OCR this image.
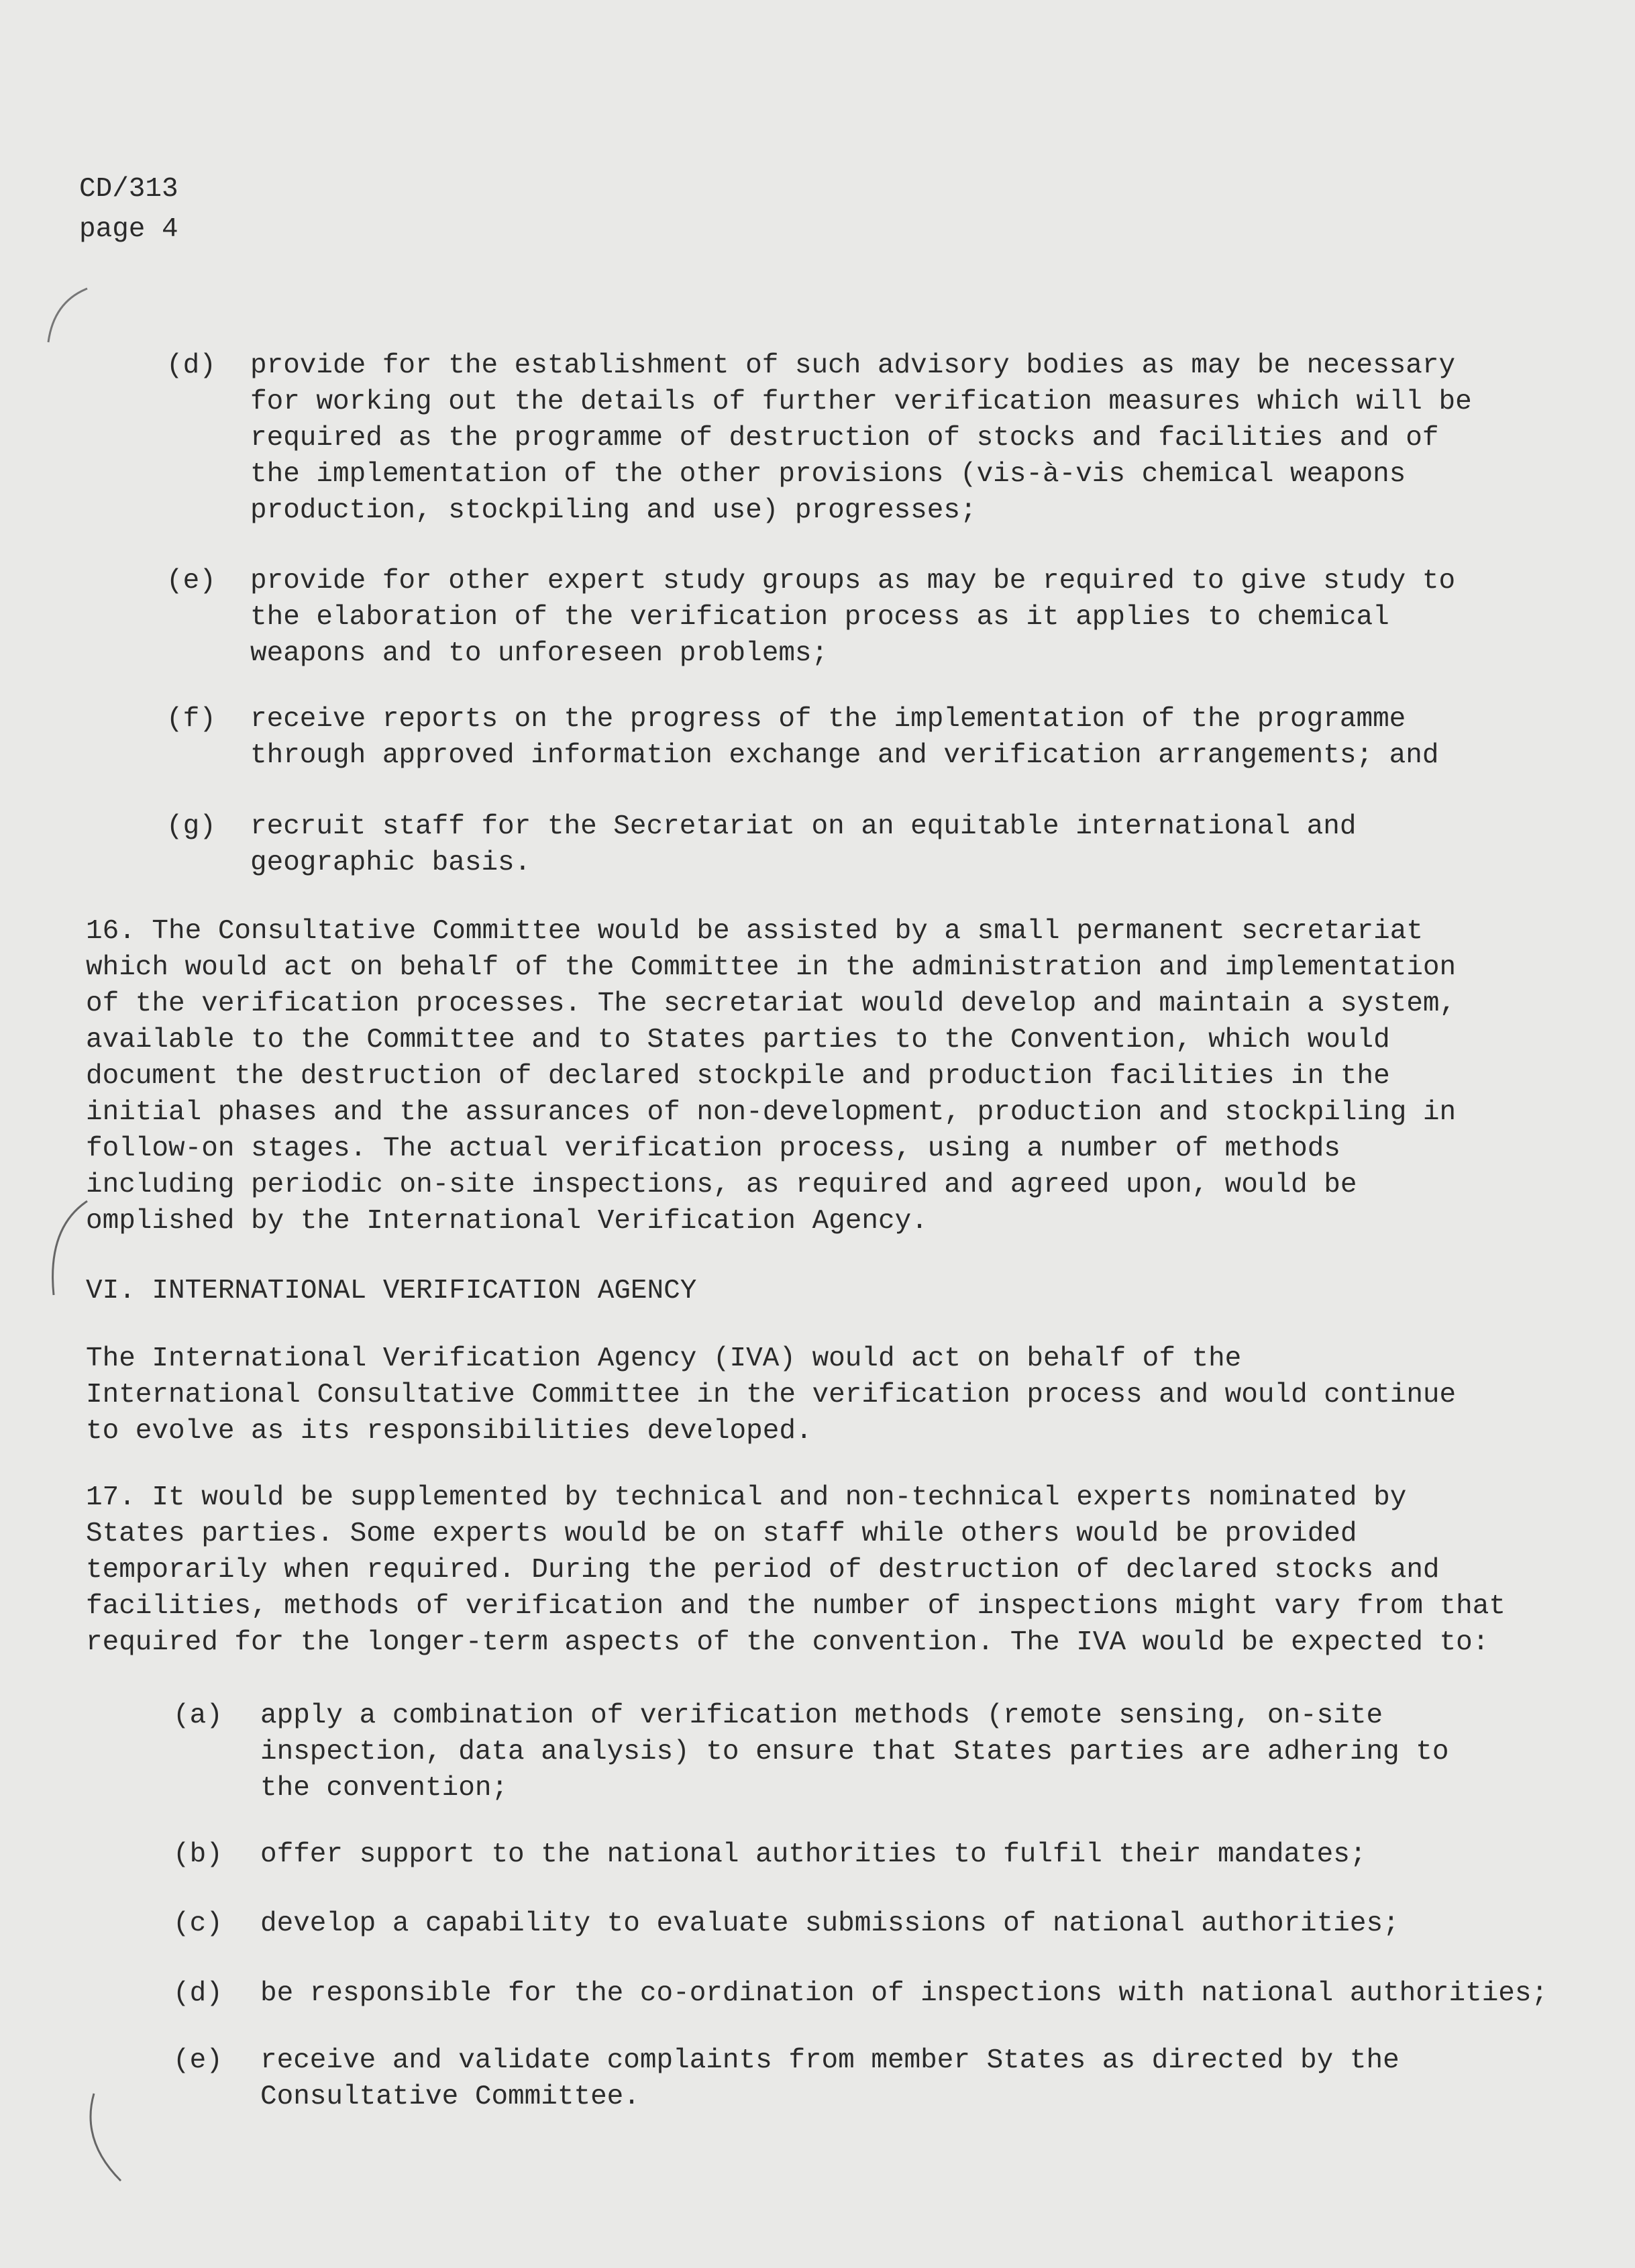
CD/313
page 4
(d)	provide for the establishment of such advisory bodies as may be necessary
for working out the details of further verification measures which will be
required as the programme of destruction of stocks and facilities and of
the implementation of the other provisions (vis-à-vis chemical weapons
production, stockpiling and use) progresses;
(e)	provide for other expert study groups as may be required to give study to
the elaboration of the verification process as it applies to chemical
weapons and to unforeseen problems;
(f)	receive reports on the progress of the implementation of the programme
through approved information exchange and verification arrangements; and
(g)	recruit staff for the Secretariat on an equitable international and
geographic basis.
16. The Consultative Committee would be assisted by a small permanent secretariat
which would act on behalf of the Committee in the administration and implementation
of the verification processes. The secretariat would develop and maintain a system,
available to the Committee and to States parties to the Convention, which would
document the destruction of declared stockpile and production facilities in the
initial phases and the assurances of non-development, production and stockpiling in
follow-on stages. The actual verification process, using a number of methods
including periodic on-site inspections, as required and agreed upon, would be
omplished by the International Verification Agency.
VI. INTERNATIONAL VERIFICATION AGENCY
The International Verification Agency (IVA) would act on behalf of the
International Consultative Committee in the verification process and would continue
to evolve as its responsibilities developed.
17. It would be supplemented by technical and non-technical experts nominated by
States parties. Some experts would be on staff while others would be provided
temporarily when required. During the period of destruction of declared stocks and
facilities, methods of verification and the number of inspections might vary from that
required for the longer-term aspects of the convention. The IVA would be expected to:
(a)	apply a combination of verification methods (remote sensing, on-site
inspection, data analysis) to ensure that States parties are adhering to
the convention;
(b)	offer support to the national authorities to fulfil their mandates;
(c)	develop a capability to evaluate submissions of national authorities;
(d)	be responsible for the co-ordination of inspections with national authorities;
(e)	receive and validate complaints from member States as directed by the
Consultative Committee.
